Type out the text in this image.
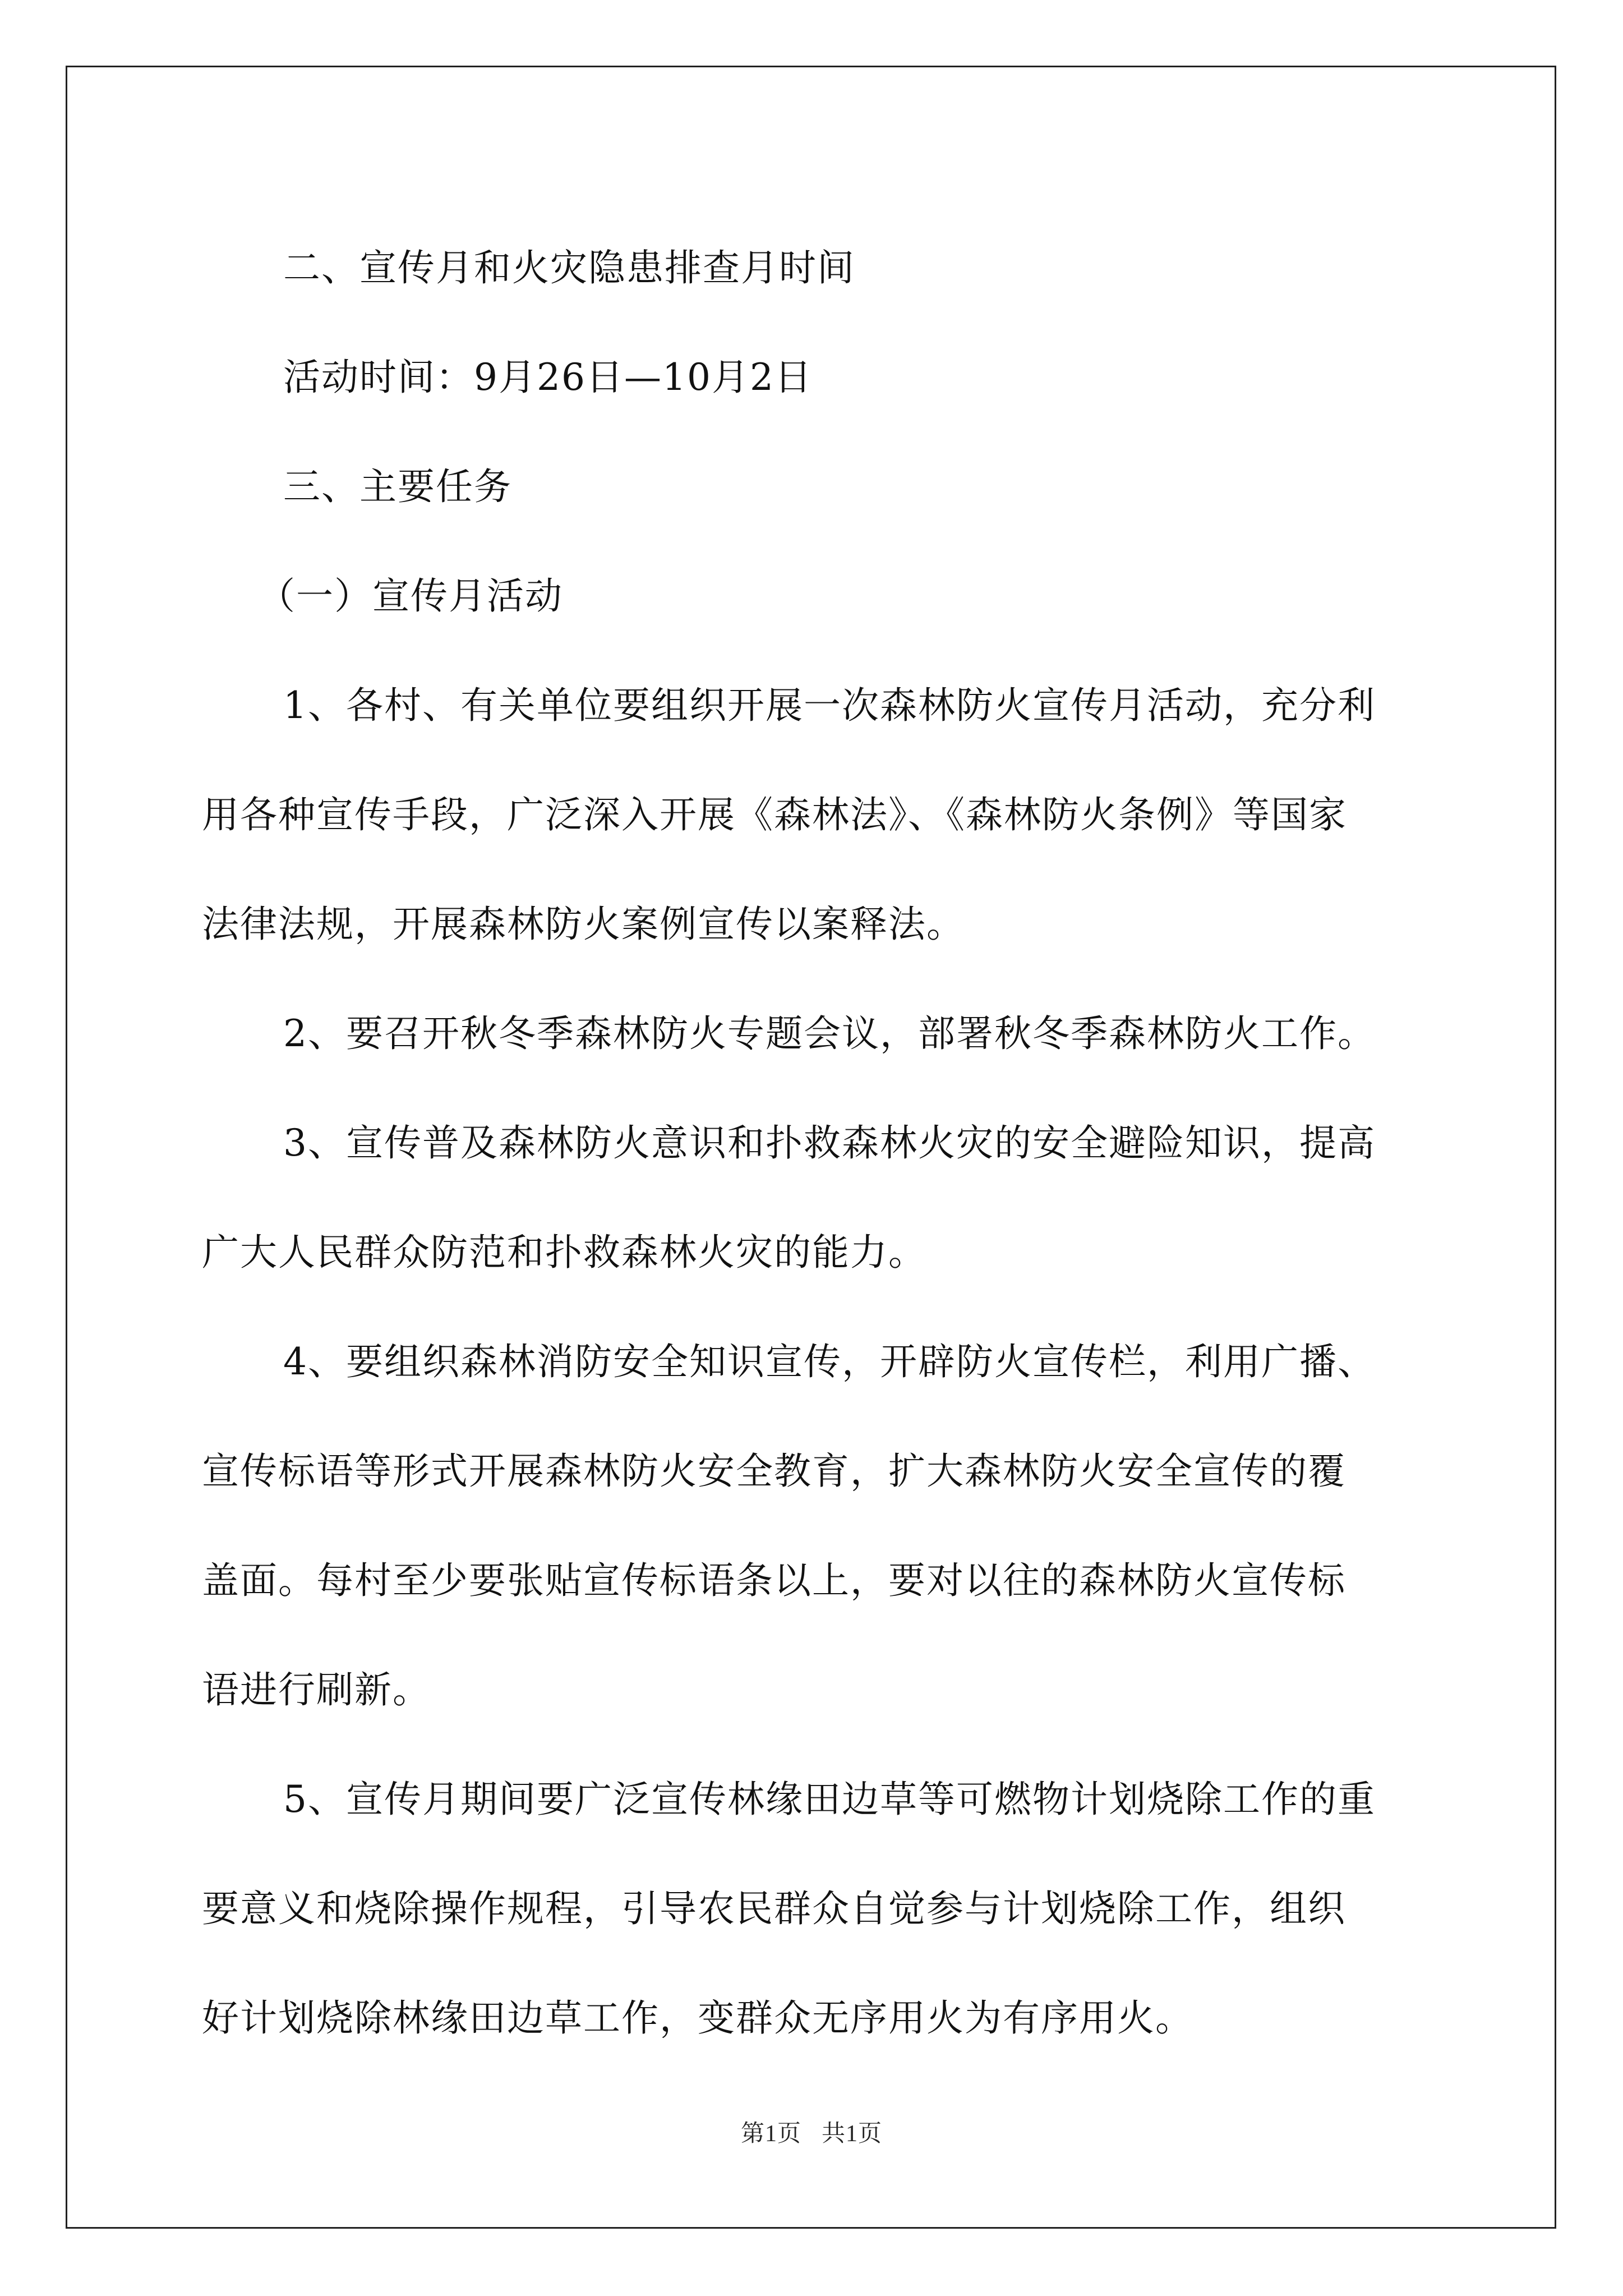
二、宣传月和火灾隐患排查月时间
活动时间：9月26日—10月2日
三、主要任务
（一）宣传月活动
1、各村、有关单位要组织开展一次森林防火宣传月活动，充分利
用各种宣传手段，广泛深入开展《森林法》、《森林防火条例》等国家
法律法规，开展森林防火案例宣传以案释法。
2、要召开秋冬季森林防火专题会议，部署秋冬季森林防火工作。
3、宣传普及森林防火意识和扑救森林火灾的安全避险知识，提高
广大人民群众防范和扑救森林火灾的能力。
4、要组织森林消防安全知识宣传，开辟防火宣传栏，利用广播、
宣传标语等形式开展森林防火安全教育，扩大森林防火安全宣传的覆
盖面。每村至少要张贴宣传标语条以上，要对以往的森林防火宣传标
语进行刷新。
5、宣传月期间要广泛宣传林缘田边草等可燃物计划烧除工作的重
要意义和烧除操作规程，引导农民群众自觉参与计划烧除工作，组织
好计划烧除林缘田边草工作，变群众无序用火为有序用火。
第1页 共1页
